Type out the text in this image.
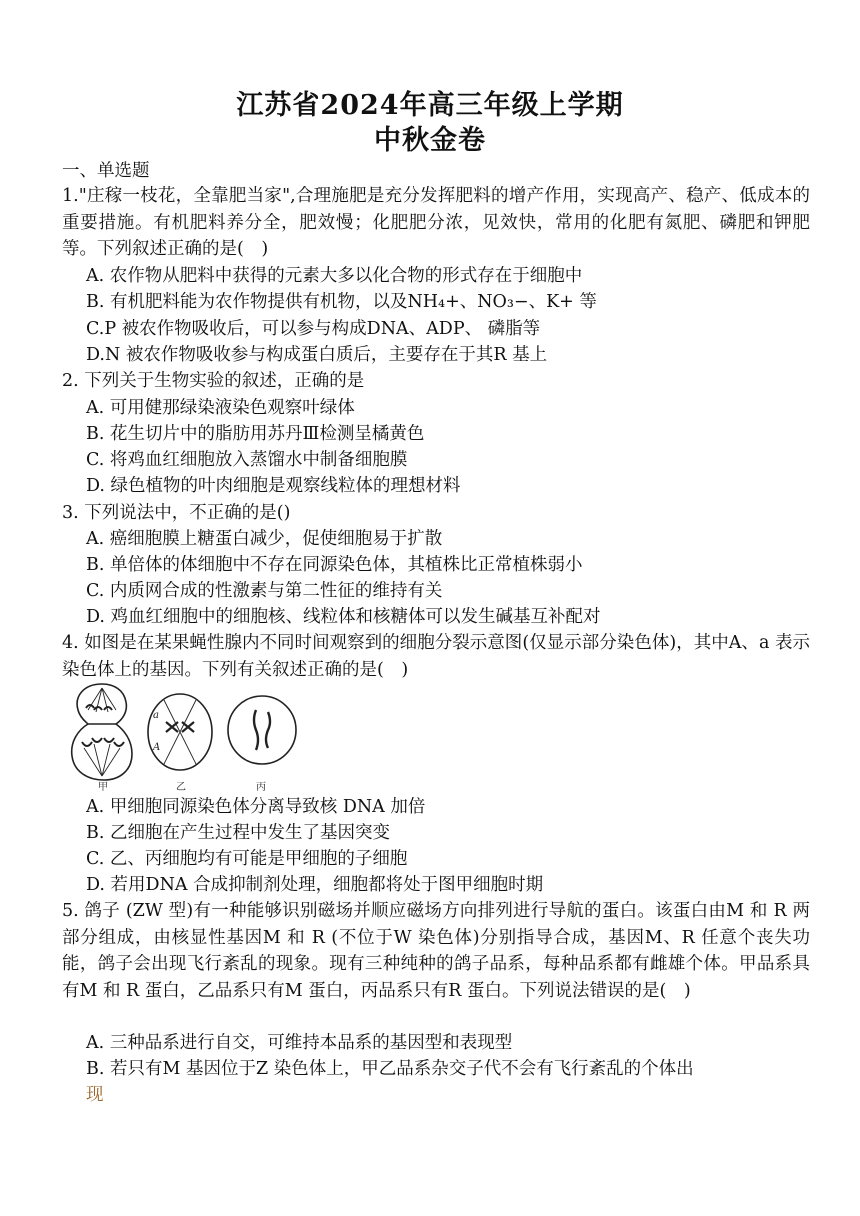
江苏省2024年高三年级上学期
中秋金卷
一、单选题
1."庄稼一枝花，全靠肥当家",合理施肥是充分发挥肥料的增产作用，实现高产、稳产、低成本的重要措施。有机肥料养分全，肥效慢；化肥肥分浓，见效快，常用的化肥有氮肥、磷肥和钾肥等。下列叙述正确的是(　)
A. 农作物从肥料中获得的元素大多以化合物的形式存在于细胞中
B. 有机肥料能为农作物提供有机物，以及NH₄+、NO₃−、K+ 等
C.P 被农作物吸收后，可以参与构成DNA、ADP、 磷脂等
D.N 被农作物吸收参与构成蛋白质后，主要存在于其R 基上
2. 下列关于生物实验的叙述，正确的是
A. 可用健那绿染液染色观察叶绿体
B. 花生切片中的脂肪用苏丹Ⅲ检测呈橘黄色
C. 将鸡血红细胞放入蒸馏水中制备细胞膜
D. 绿色植物的叶肉细胞是观察线粒体的理想材料
3. 下列说法中，不正确的是()
A. 癌细胞膜上糖蛋白减少，促使细胞易于扩散
B. 单倍体的体细胞中不存在同源染色体，其植株比正常植株弱小
C. 内质网合成的性激素与第二性征的维持有关
D. 鸡血红细胞中的细胞核、线粒体和核糖体可以发生碱基互补配对
4. 如图是在某果蝇性腺内不同时间观察到的细胞分裂示意图(仅显示部分染色体)，其中A、a 表示染色体上的基因。下列有关叙述正确的是(　)
甲
a
A
乙	丙
A. 甲细胞同源染色体分离导致核 DNA 加倍
B. 乙细胞在产生过程中发生了基因突变
C. 乙、丙细胞均有可能是甲细胞的子细胞
D. 若用DNA 合成抑制剂处理，细胞都将处于图甲细胞时期
5. 鸽子 (ZW 型)有一种能够识别磁场并顺应磁场方向排列进行导航的蛋白。该蛋白由M 和 R 两部分组成，由核显性基因M 和 R (不位于W 染色体)分别指导合成，基因M、R 任意个丧失功能，鸽子会出现飞行紊乱的现象。现有三种纯种的鸽子品系，每种品系都有雌雄个体。甲品系具有M 和 R 蛋白，乙品系只有M 蛋白，丙品系只有R 蛋白。下列说法错误的是(　)
A. 三种品系进行自交，可维持本品系的基因型和表现型
B. 若只有M 基因位于Z 染色体上，甲乙品系杂交子代不会有飞行紊乱的个体出
现
